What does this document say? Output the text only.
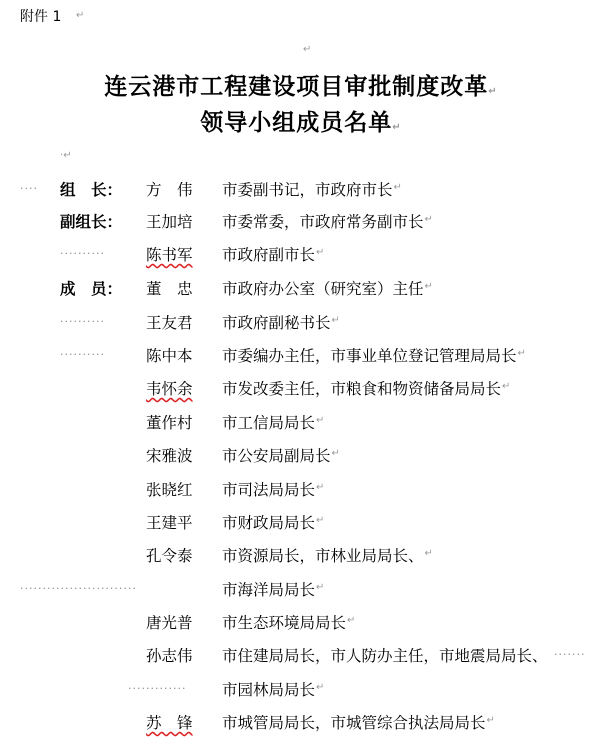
附件 1 ↵
↵
连云港市工程建设项目审批制度改革↵
领导小组成员名单↵
·↵
···· 组　长： 方　伟 市委副书记，市政府市长 ↵
副组长： 王加培 市委常委，市政府常务副市长 ↵
··········	陈书军 市政府副市长 ↵
成　员： 董　忠 市政府办公室（研究室）主任 ↵
··········	王友君 市政府副秘书长 ↵
··········	陈中本 市委编办主任，市事业单位登记管理局局长 ↵
韦怀余 市发改委主任，市粮食和物资储备局局长 ↵
董作村 市工信局局长 ↵
宋雅波 市公安局副局长 ↵
张晓红 市司法局局长 ↵
王建平 市财政局局长 ↵
孔令泰 市资源局长，市林业局局长、 ↵
··························	市海洋局局长 ↵
唐光普 市生态环境局局长 ↵
孙志伟 市住建局局长，市人防办主任，市地震局局长、 ·······
············· 市园林局局长 ↵
苏　锋 市城管局局长，市城管综合执法局局长 ↵
